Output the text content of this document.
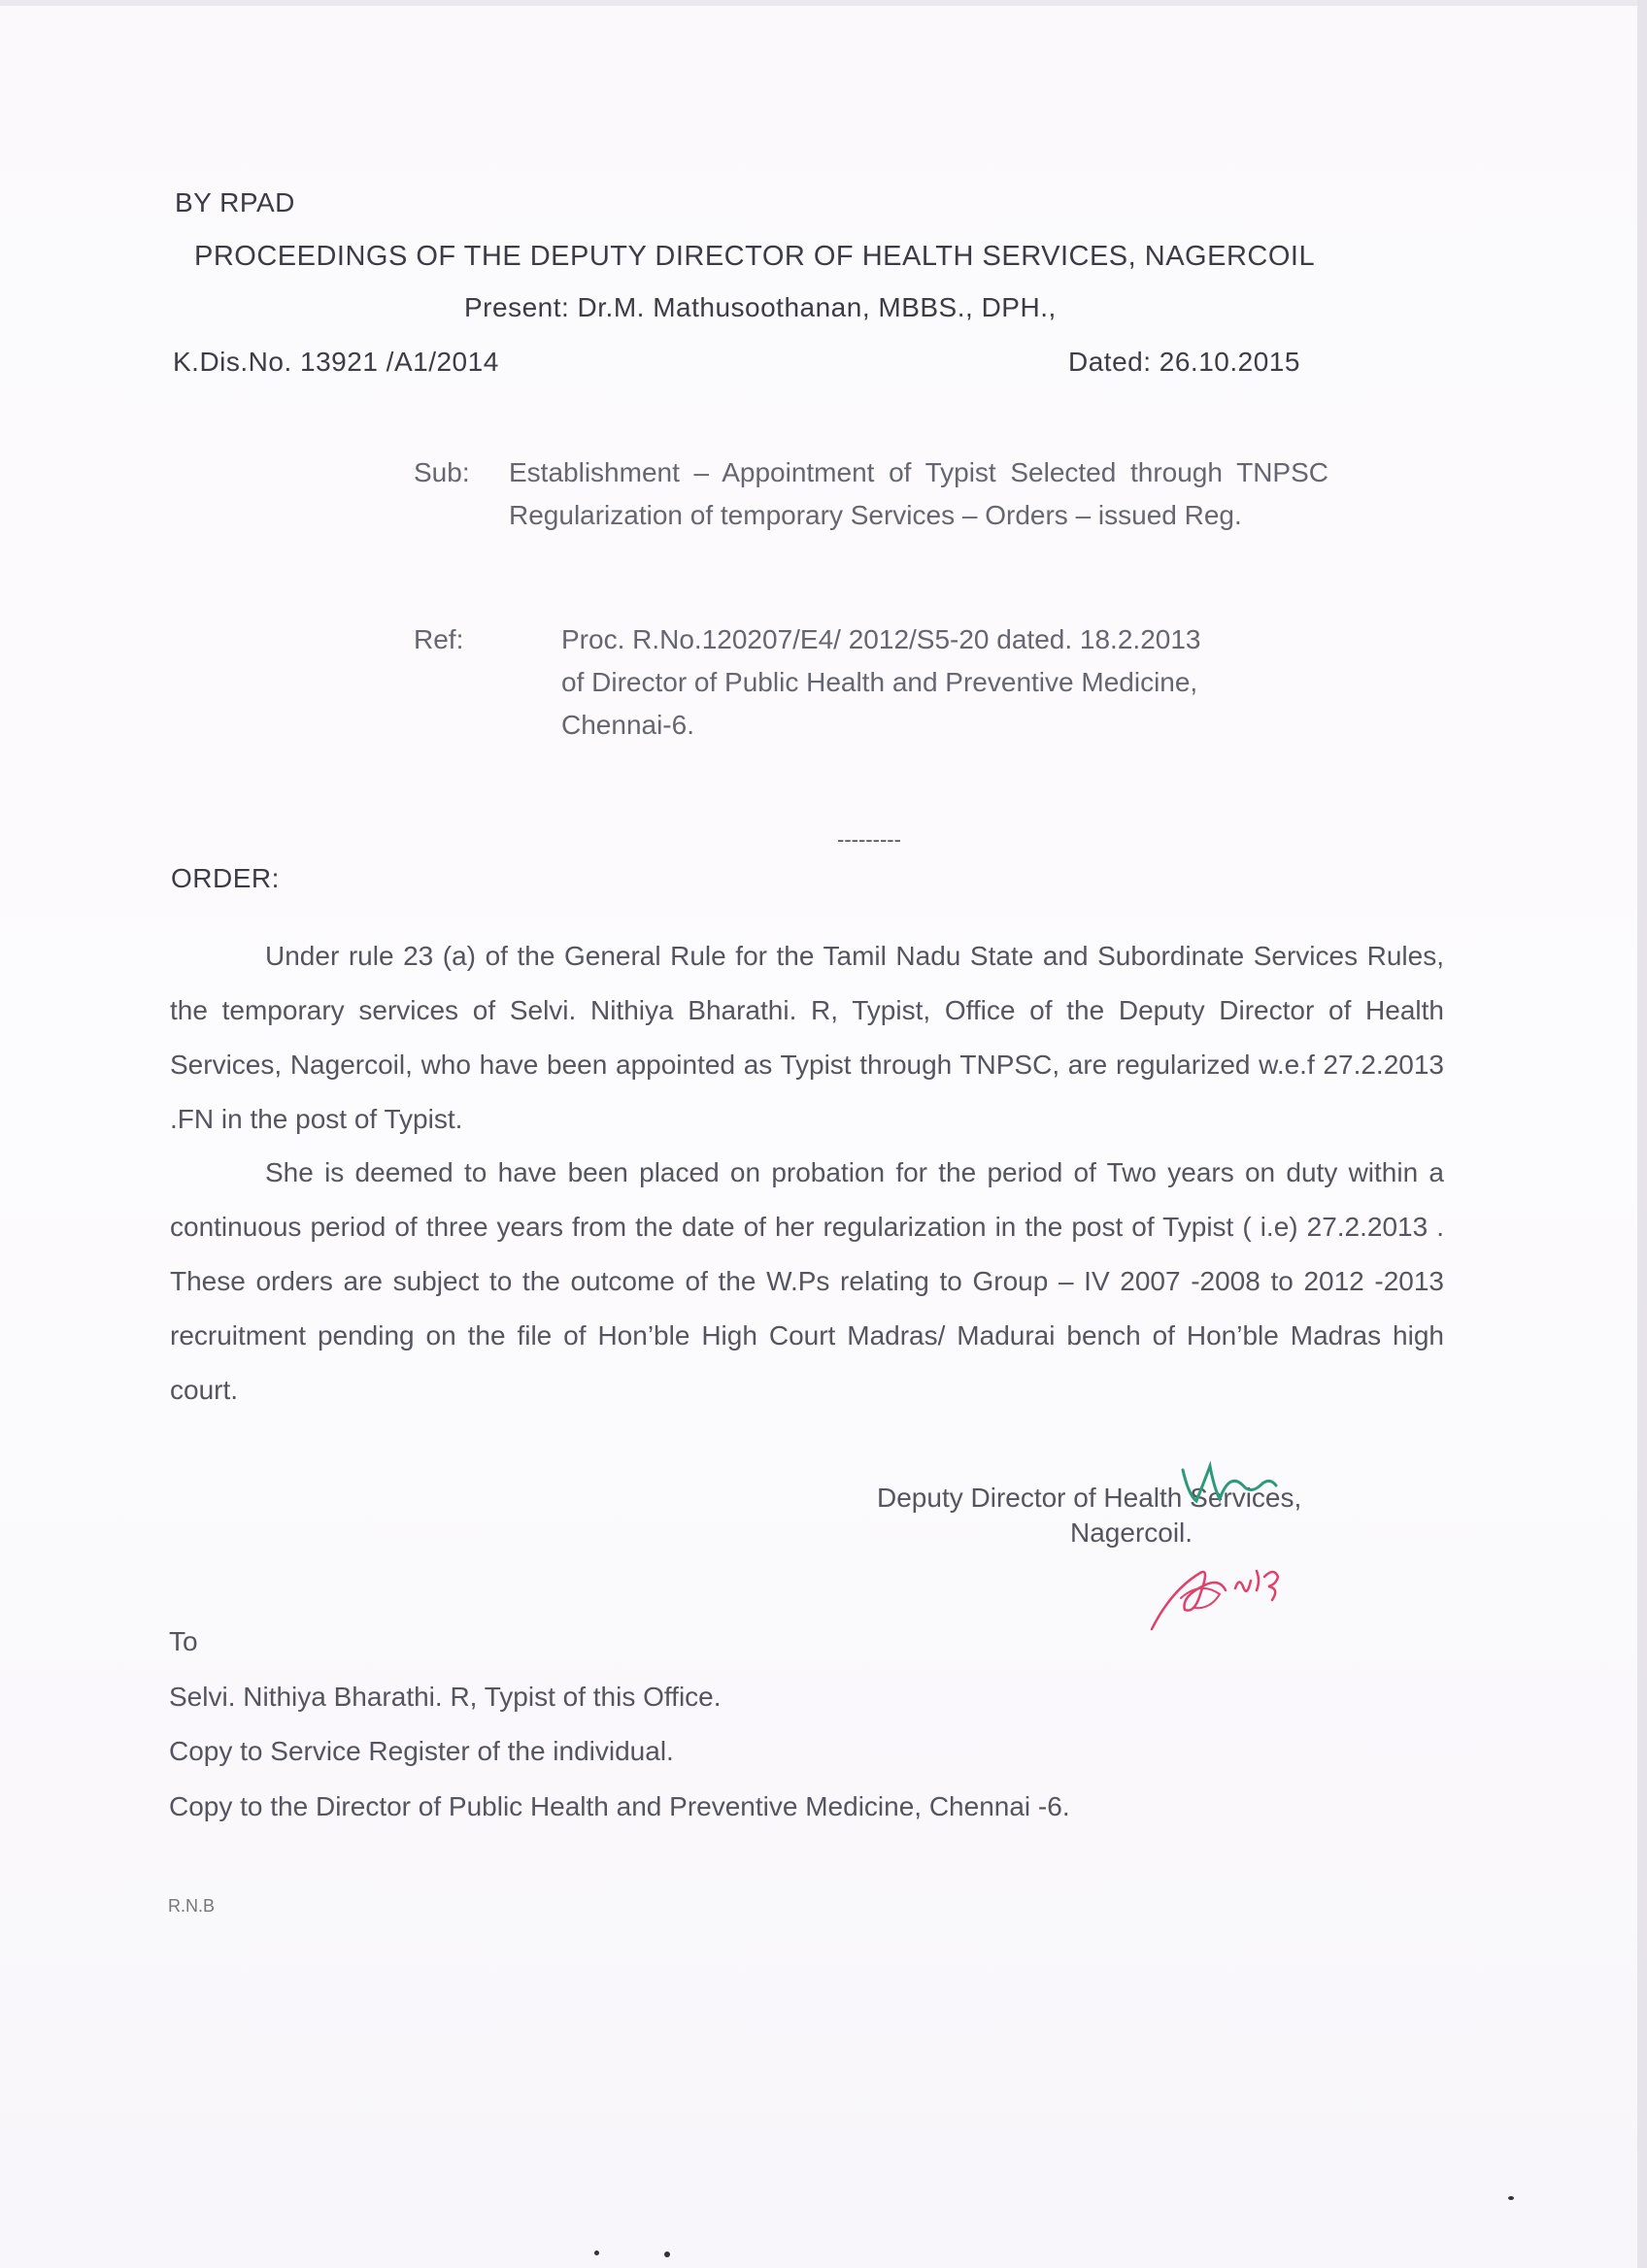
BY RPAD
PROCEEDINGS OF THE DEPUTY DIRECTOR OF HEALTH SERVICES, NAGERCOIL
Present: Dr.M. Mathusoothanan, MBBS., DPH.,
K.Dis.No. 13921 /A1/2014	Dated: 26.10.2015
Sub: Establishment – Appointment of Typist Selected through TNPSC Regularization of temporary Services – Orders – issued Reg.
Ref:	Proc. R.No.120207/E4/ 2012/S5-20 dated. 18.2.2013
of Director of Public Health and Preventive Medicine,
Chennai-6.
---------
ORDER:
Under rule 23 (a) of the General Rule for the Tamil Nadu State and Subordinate Services Rules, the temporary services of Selvi. Nithiya Bharathi. R, Typist, Office of the Deputy Director of Health Services, Nagercoil, who have been appointed as Typist through TNPSC, are regularized w.e.f 27.2.2013 .FN in the post of Typist.
She is deemed to have been placed on probation for the period of Two years on duty within a continuous period of three years from the date of her regularization in the post of Typist ( i.e) 27.2.2013 . These orders are subject to the outcome of the W.Ps relating to Group – IV 2007 -2008 to 2012 -2013 recruitment pending on the file of Hon’ble High Court Madras/ Madurai bench of Hon’ble Madras high court.
Deputy Director of Health Services,
Nagercoil.
To
Selvi. Nithiya Bharathi. R, Typist of this Office.
Copy to Service Register of the individual.
Copy to the Director of Public Health and Preventive Medicine, Chennai -6.
R.N.B
